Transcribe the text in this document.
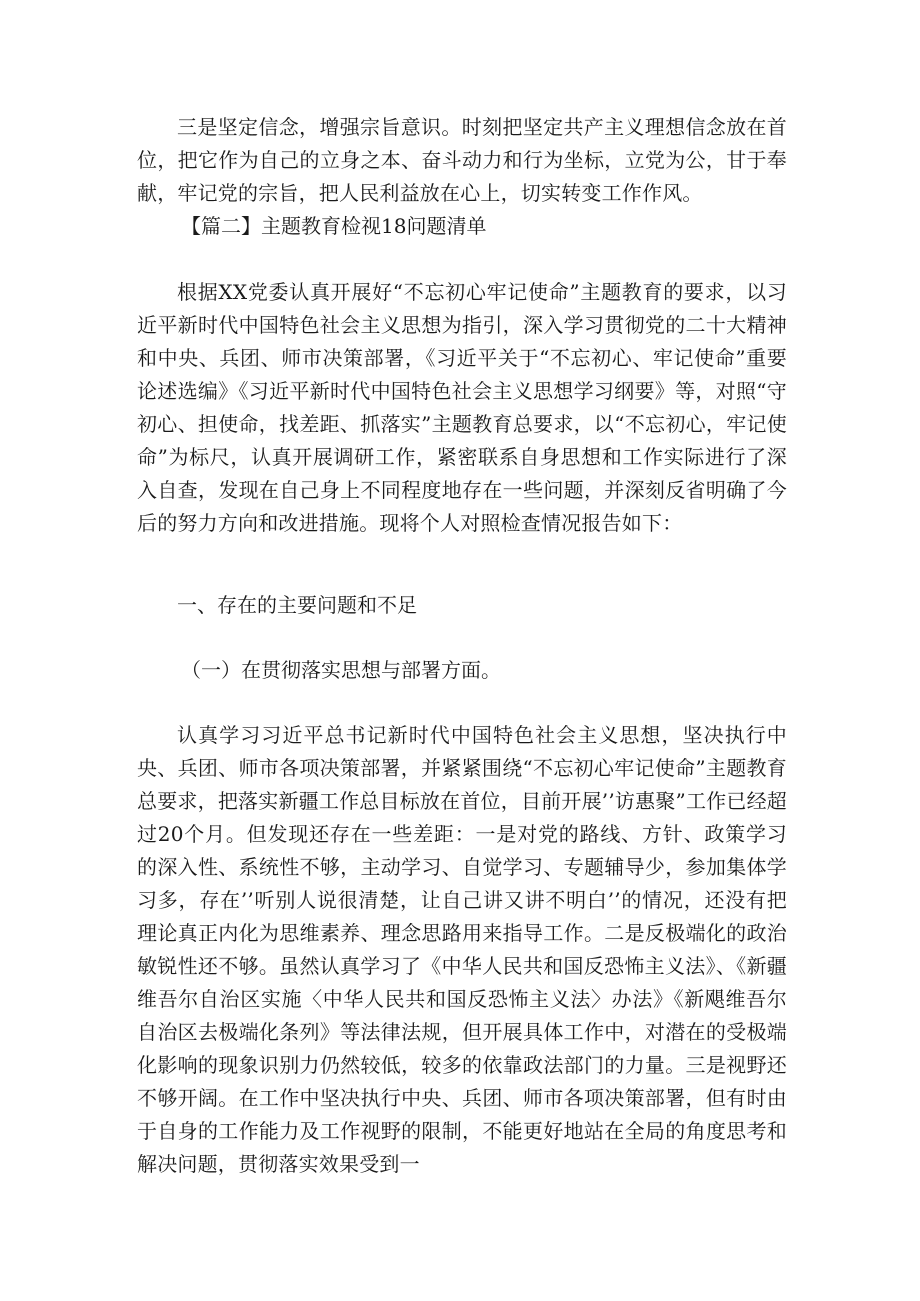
三是坚定信念，增强宗旨意识。时刻把坚定共产主义理想信念放在首位，把它作为自己的立身之本、奋斗动力和行为坐标，立党为公，甘于奉献，牢记党的宗旨，把人民利益放在心上，切实转变工作作风。

【篇二】主题教育检视18问题清单

根据XX党委认真开展好“不忘初心牢记使命”主题教育的要求，以习近平新时代中国特色社会主义思想为指引，深入学习贯彻党的二十大精神和中央、兵团、师市决策部署，《习近平关于“不忘初心、牢记使命”重要论述选编》《习近平新时代中国特色社会主义思想学习纲要》等，对照“守初心、担使命，找差距、抓落实”主题教育总要求，以“不忘初心，牢记使命”为标尺，认真开展调研工作，紧密联系自身思想和工作实际进行了深入自查，发现在自己身上不同程度地存在一些问题，并深刻反省明确了今后的努力方向和改进措施。现将个人对照检查情况报告如下：

一、存在的主要问题和不足

（一）在贯彻落实思想与部署方面。

认真学习习近平总书记新时代中国特色社会主义思想，坚决执行中央、兵团、师市各项决策部署，并紧紧围绕“不忘初心牢记使命”主题教育总要求，把落实新疆工作总目标放在首位，目前开展’’访惠聚”工作已经超过20个月。但发现还存在一些差距：一是对党的路线、方针、政策学习的深入性、系统性不够，主动学习、自觉学习、专题辅导少，参加集体学习多，存在’’听别人说很清楚，让自己讲又讲不明白’’的情况，还没有把理论真正内化为思维素养、理念思路用来指导工作。二是反极端化的政治敏锐性还不够。虽然认真学习了《中华人民共和国反恐怖主义法》、《新疆维吾尔自治区实施〈中华人民共和国反恐怖主义法〉办法》《新飓维吾尔自治区去极端化条列》等法律法规，但开展具体工作中，对潜在的受极端化影响的现象识别力仍然较低，较多的依靠政法部门的力量。三是视野还不够开阔。在工作中坚决执行中央、兵团、师市各项决策部署，但有时由于自身的工作能力及工作视野的限制，不能更好地站在全局的角度思考和解决问题，贯彻落实效果受到一
